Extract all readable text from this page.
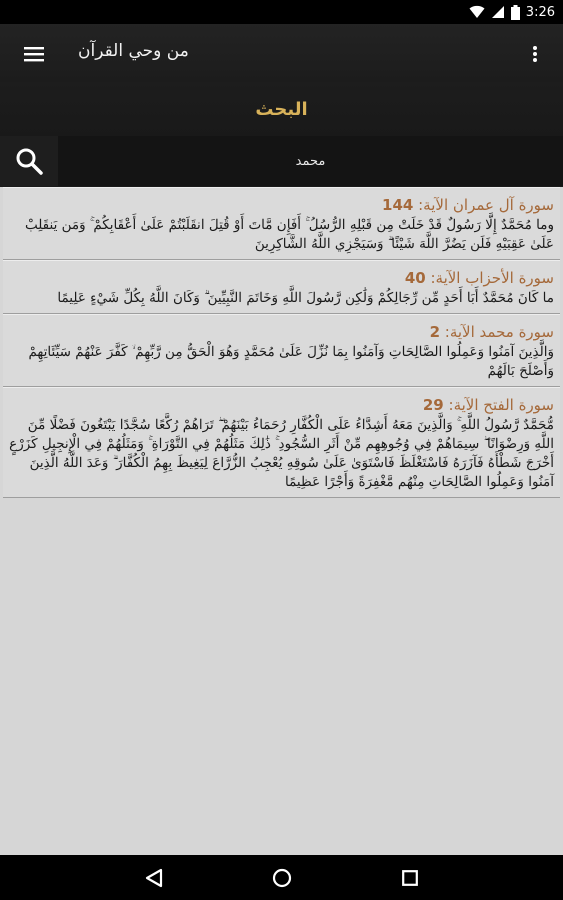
3:26
من وحي القرآن
البحث
محمد
سورة آل عمران الآية: 144
وما مُحَمَّدٌ إِلَّا رَسُولٌ قَدْ خَلَتْ مِن قَبْلِهِ الرُّسُلُ ۚ أَفَإِن مَّاتَ أَوْ قُتِلَ انقَلَبْتُمْ عَلَىٰ أَعْقَابِكُمْ ۚ وَمَن يَنقَلِبْ عَلَىٰ عَقِبَيْهِ فَلَن يَضُرَّ اللَّهَ شَيْئًا ۗ وَسَيَجْزِي اللَّهُ الشَّاكِرِينَ
سورة الأحزاب الآية: 40
ما كَانَ مُحَمَّدٌ أَبَا أَحَدٍ مِّن رِّجَالِكُمْ وَلَٰكِن رَّسُولَ اللَّهِ وَخَاتَمَ النَّبِيِّينَ ۗ وَكَانَ اللَّهُ بِكُلِّ شَيْءٍ عَلِيمًا
سورة محمد الآية: 2
وَالَّذِينَ آمَنُوا وَعَمِلُوا الصَّالِحَاتِ وَآمَنُوا بِمَا نُزِّلَ عَلَىٰ مُحَمَّدٍ وَهُوَ الْحَقُّ مِن رَّبِّهِمْ ۙ كَفَّرَ عَنْهُمْ سَيِّئَاتِهِمْ وَأَصْلَحَ بَالَهُمْ
سورة الفتح الآية: 29
مُّحَمَّدٌ رَّسُولُ اللَّهِ ۚ وَالَّذِينَ مَعَهُ أَشِدَّاءُ عَلَى الْكُفَّارِ رُحَمَاءُ بَيْنَهُمْ ۖ تَرَاهُمْ رُكَّعًا سُجَّدًا يَبْتَغُونَ فَضْلًا مِّنَ اللَّهِ وَرِضْوَانًا ۖ سِيمَاهُمْ فِي وُجُوهِهِم مِّنْ أَثَرِ السُّجُودِ ۚ ذَٰلِكَ مَثَلُهُمْ فِي التَّوْرَاةِ ۚ وَمَثَلُهُمْ فِي الْإِنجِيلِ كَزَرْعٍ أَخْرَجَ شَطْأَهُ فَآزَرَهُ فَاسْتَغْلَظَ فَاسْتَوَىٰ عَلَىٰ سُوقِهِ يُعْجِبُ الزُّرَّاعَ لِيَغِيظَ بِهِمُ الْكُفَّارَ ۗ وَعَدَ اللَّهُ الَّذِينَ آمَنُوا وَعَمِلُوا الصَّالِحَاتِ مِنْهُم مَّغْفِرَةً وَأَجْرًا عَظِيمًا
